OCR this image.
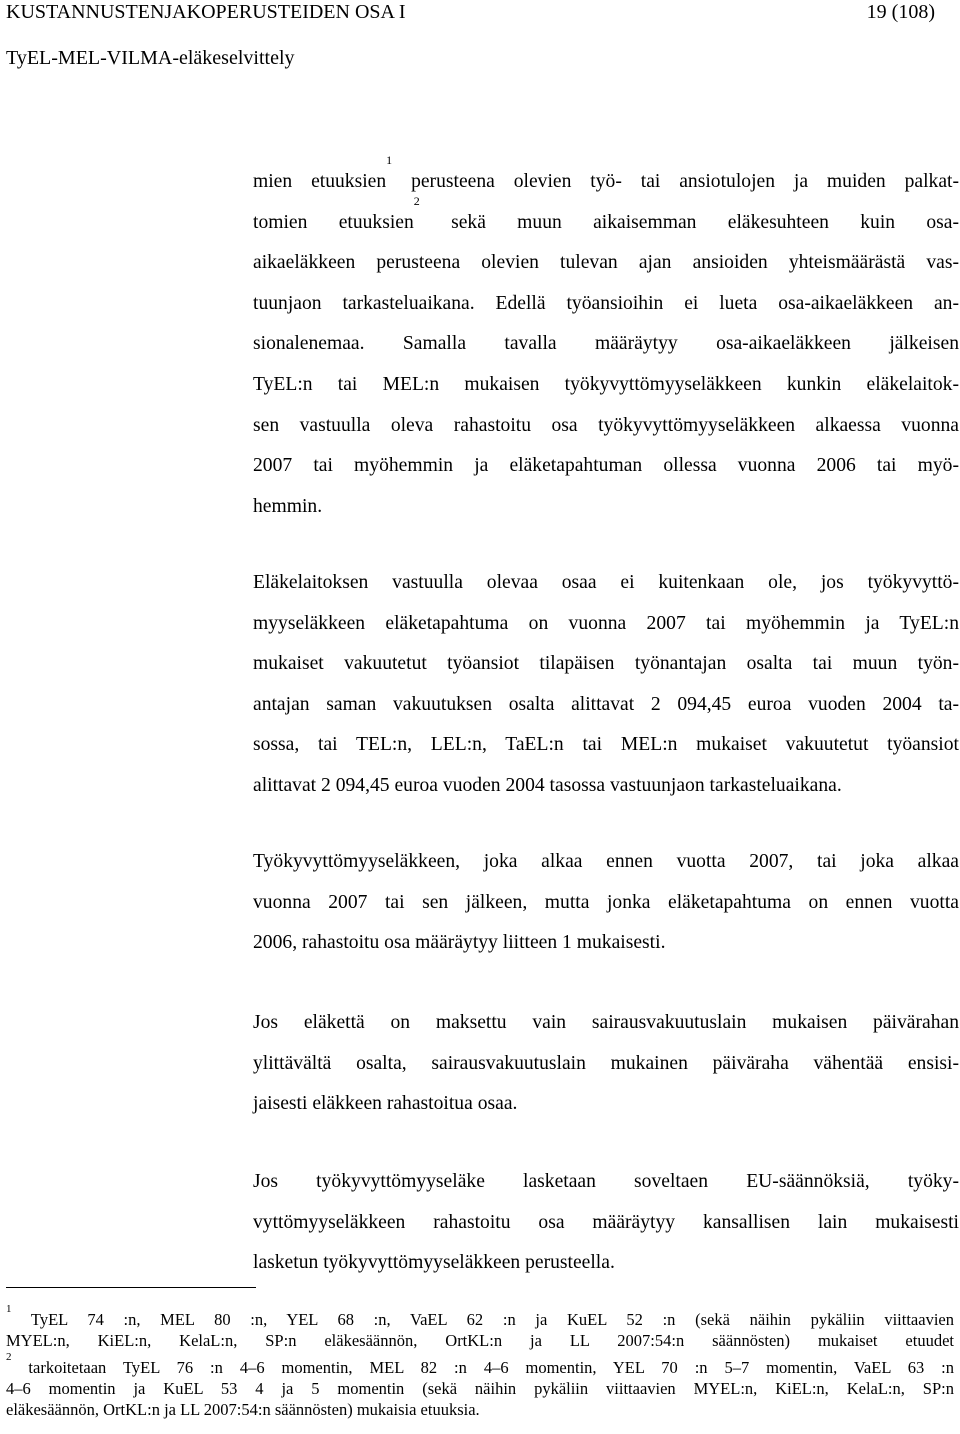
KUSTANNUSTENJAKOPERUSTEIDEN OSA I	19 (108)
TyEL-MEL-VILMA-eläkeselvittely
mien etuuksien$^1$ perusteena olevien työ- tai ansiotulojen ja muiden palkat-
tomien etuuksien$^2$ sekä muun aikaisemman eläkesuhteen kuin osa-
aikaeläkkeen perusteena olevien tulevan ajan ansioiden yhteismäärästä vas-
tuunjaon tarkasteluaikana. Edellä työansioihin ei lueta osa-aikaeläkkeen an-
sionalenemaa. Samalla tavalla määräytyy osa-aikaeläkkeen jälkeisen
TyEL:n tai MEL:n mukaisen työkyvyttömyyseläkkeen kunkin eläkelaitok-
sen vastuulla oleva rahastoitu osa työkyvyttömyyseläkkeen alkaessa vuonna
2007 tai myöhemmin ja eläketapahtuman ollessa vuonna 2006 tai myö-
hemmin.
Eläkelaitoksen vastuulla olevaa osaa ei kuitenkaan ole, jos työkyvyttö-
myyseläkkeen eläketapahtuma on vuonna 2007 tai myöhemmin ja TyEL:n
mukaiset vakuutetut työansiot tilapäisen työnantajan osalta tai muun työn-
antajan saman vakuutuksen osalta alittavat 2 094,45 euroa vuoden 2004 ta-
sossa, tai TEL:n, LEL:n, TaEL:n tai MEL:n mukaiset vakuutetut työansiot
alittavat 2 094,45 euroa vuoden 2004 tasossa vastuunjaon tarkasteluaikana.
Työkyvyttömyyseläkkeen, joka alkaa ennen vuotta 2007, tai joka alkaa
vuonna 2007 tai sen jälkeen, mutta jonka eläketapahtuma on ennen vuotta
2006, rahastoitu osa määräytyy liitteen 1 mukaisesti.
Jos eläkettä on maksettu vain sairausvakuutuslain mukaisen päivärahan
ylittävältä osalta, sairausvakuutuslain mukainen päiväraha vähentää ensisi-
jaisesti eläkkeen rahastoitua osaa.
Jos työkyvyttömyyseläke lasketaan soveltaen EU-säännöksiä, työky-
vyttömyyseläkkeen rahastoitu osa määräytyy kansallisen lain mukaisesti
lasketun työkyvyttömyyseläkkeen perusteella.
$^1$ TyEL 74 :n, MEL 80 :n, YEL 68 :n, VaEL 62 :n ja KuEL 52 :n (sekä näihin pykäliin viittaavien
MYEL:n, KiEL:n, KelaL:n, SP:n eläkesäännön, OrtKL:n ja LL 2007:54:n säännösten) mukaiset etuudet
$^2$ tarkoitetaan TyEL 76 :n 4–6 momentin, MEL 82 :n 4–6 momentin, YEL 70 :n 5–7 momentin, VaEL 63 :n
4–6 momentin ja KuEL 53 4 ja 5 momentin (sekä näihin pykäliin viittaavien MYEL:n, KiEL:n, KelaL:n, SP:n
eläkesäännön, OrtKL:n ja LL 2007:54:n säännösten) mukaisia etuuksia.
